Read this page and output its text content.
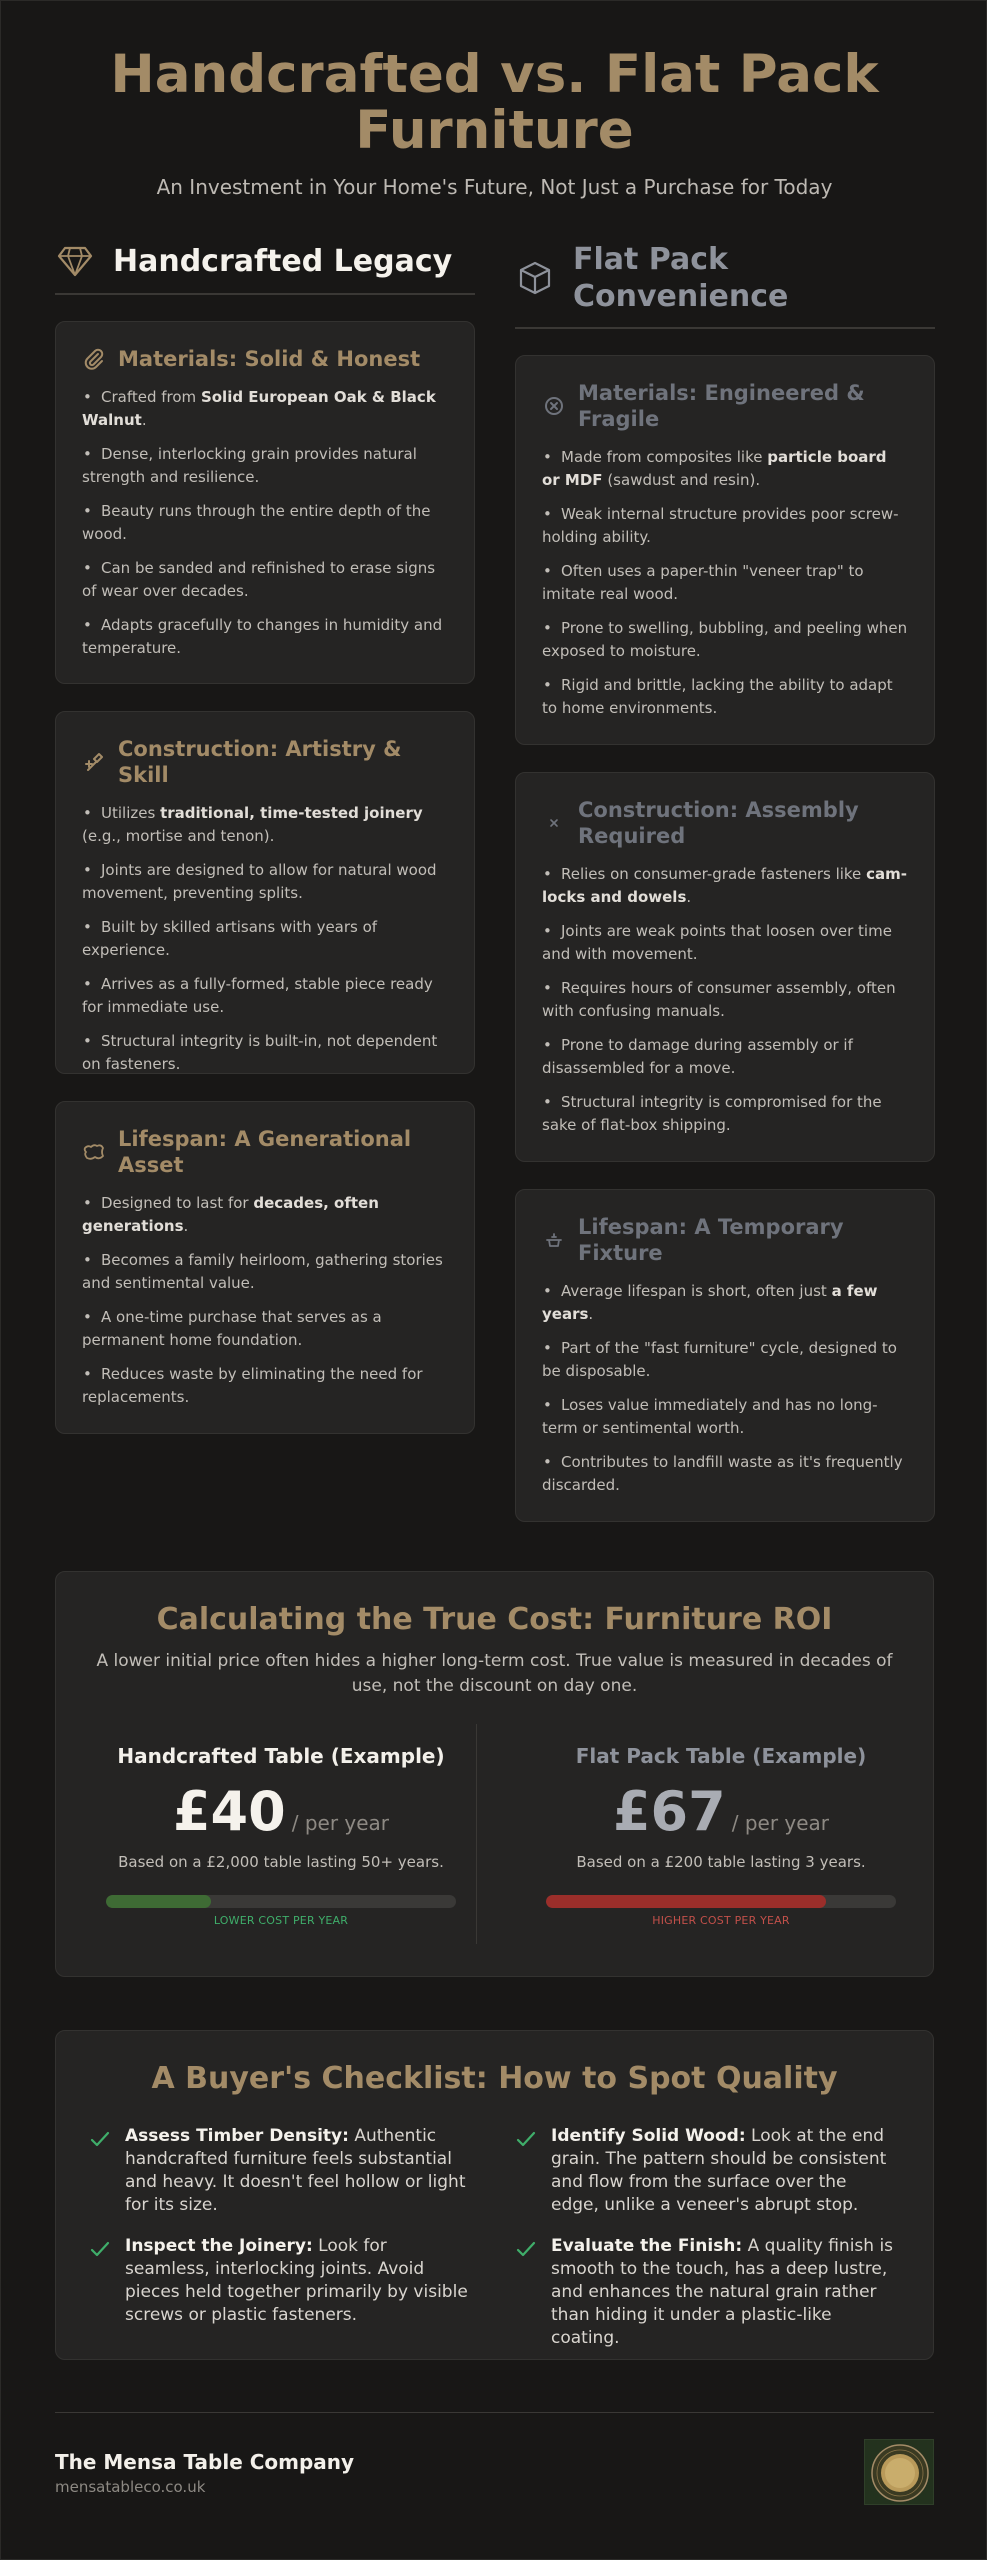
Handcrafted vs. Flat Pack Furniture

An Investment in Your Home's Future, Not Just a Purchase for Today

Handcrafted Legacy
Materials: Solid & Honest
• Crafted from Solid European Oak & Black Walnut.
• Dense, interlocking grain provides natural strength and resilience.
• Beauty runs through the entire depth of the wood.
• Can be sanded and refinished to erase signs of wear over decades.
• Adapts gracefully to changes in humidity and temperature.
Construction: Artistry & Skill
• Utilizes traditional, time-tested joinery (e.g., mortise and tenon).
• Joints are designed to allow for natural wood movement, preventing splits.
• Built by skilled artisans with years of experience.
• Arrives as a fully-formed, stable piece ready for immediate use.
• Structural integrity is built-in, not dependent on fasteners.
Lifespan: A Generational Asset
• Designed to last for decades, often generations.
• Becomes a family heirloom, gathering stories and sentimental value.
• A one-time purchase that serves as a permanent home foundation.
• Reduces waste by eliminating the need for replacements.
Flat Pack Convenience
Materials: Engineered & Fragile
• Made from composites like particle board or MDF (sawdust and resin).
• Weak internal structure provides poor screw-holding ability.
• Often uses a paper-thin "veneer trap" to imitate real wood.
• Prone to swelling, bubbling, and peeling when exposed to moisture.
• Rigid and brittle, lacking the ability to adapt to home environments.
Construction: Assembly Required
• Relies on consumer-grade fasteners like cam-locks and dowels.
• Joints are weak points that loosen over time and with movement.
• Requires hours of consumer assembly, often with confusing manuals.
• Prone to damage during assembly or if disassembled for a move.
• Structural integrity is compromised for the sake of flat-box shipping.
Lifespan: A Temporary Fixture
• Average lifespan is short, often just a few years.
• Part of the "fast furniture" cycle, designed to be disposable.
• Loses value immediately and has no long-term or sentimental worth.
• Contributes to landfill waste as it's frequently discarded.
Calculating the True Cost: Furniture ROI

A lower initial price often hides a higher long-term cost. True value is measured in decades of use, not the discount on day one.

Handcrafted Table (Example)
£40 / per year

Based on a £2,000 table lasting 50+ years.

LOWER COST PER YEAR

Flat Pack Table (Example)
£67 / per year

Based on a £200 table lasting 3 years.

HIGHER COST PER YEAR

A Buyer's Checklist: How to Spot Quality

Assess Timber Density: Authentic handcrafted furniture feels substantial and heavy. It doesn't feel hollow or light for its size.

Identify Solid Wood: Look at the end grain. The pattern should be consistent and flow from the surface over the edge, unlike a veneer's abrupt stop.

Inspect the Joinery: Look for seamless, interlocking joints. Avoid pieces held together primarily by visible screws or plastic fasteners.

Evaluate the Finish: A quality finish is smooth to the touch, has a deep lustre, and enhances the natural grain rather than hiding it under a plastic-like coating.

The Mensa Table Company

mensatableco.co.uk
